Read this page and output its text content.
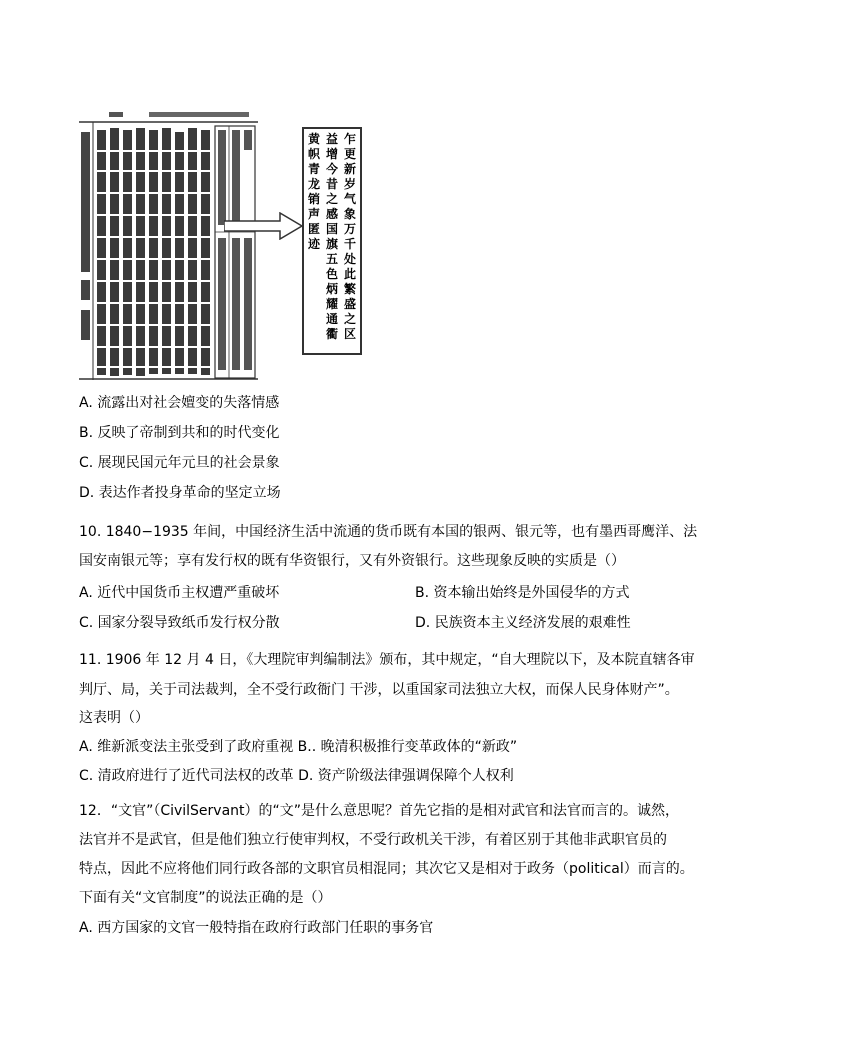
乍更新岁气象万千处此繁盛之区
益增今昔之感国旗五色炳耀通衢
黄帜青龙销声匿迹
A. 流露出对社会嬗变的失落情感
B. 反映了帝制到共和的时代变化
C. 展现民国元年元旦的社会景象
D. 表达作者投身革命的坚定立场
10. 1840−1935 年间，中国经济生活中流通的货币既有本国的银两、银元等，也有墨西哥鹰洋、法
国安南银元等；享有发行权的既有华资银行，又有外资银行。这些现象反映的实质是（）
A. 近代中国货币主权遭严重破坏	B. 资本输出始终是外国侵华的方式
C. 国家分裂导致纸币发行权分散	D. 民族资本主义经济发展的艰难性
11. 1906 年 12 月 4 日，《大理院审判编制法》颁布，其中规定，“自大理院以下，及本院直辖各审
判厅、局，关于司法裁判，全不受行政衙门 干涉，以重国家司法独立大权，而保人民身体财产”。
这表明（）
A. 维新派变法主张受到了政府重视 B.. 晚清积极推行变革政体的“新政”
C. 清政府进行了近代司法权的改革 D. 资产阶级法律强调保障个人权利
12．“文官”（CivilServant）的“文”是什么意思呢？首先它指的是相对武官和法官而言的。诚然，
法官并不是武官，但是他们独立行使审判权，不受行政机关干涉，有着区别于其他非武职官员的
特点，因此不应将他们同行政各部的文职官员相混同；其次它又是相对于政务（political）而言的。
下面有关“文官制度”的说法正确的是（）
A. 西方国家的文官一般特指在政府行政部门任职的事务官
